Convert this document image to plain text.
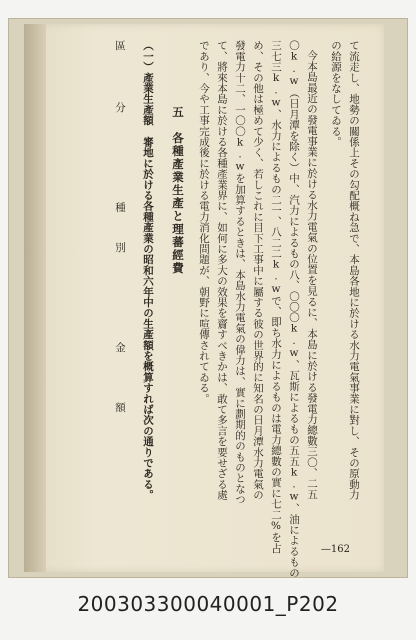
て流走し、地勢の關係上その勾配概ね急で、本島各地に於ける水力電氣事業に對し、その原動力
の給源をなしてゐる。
今本島最近の發電事業に於ける水力電氣の位置を見るに、本島に於ける發電力總數三〇、二五
〇k.w（日月潭を除く）中、汽力によるもの八、〇〇〇k.w、瓦斯によるもの五五k.w、油によるもの
三七三k.w、水力によるもの二一、八二二k.wで、即ち水力によるものは電力總數の實に七二%を占
め、その他は極めて少く、若しこれに目下工事中に屬する彼の世界的に知名の日月潭水力電氣の
發電力十二、一〇〇k.wを加算するときは、本島水力電氣の偉力は、實に劃期的のものとなつ
て、將來本島に於ける各種產業界に、如何に多大の效果を齎すべきかは、敢て多言を要せざる處
であり、今や工事完成後に於ける電力消化問題が、朝野に喧傳されてゐる。
五　各種產業生產と理蕃經費
（一）產業生產額　審地に於ける各種產業の昭和六年中の生產額を概算すれば次の通りである。
區
分
種
別
金
額
—162
200303300040001_P202
